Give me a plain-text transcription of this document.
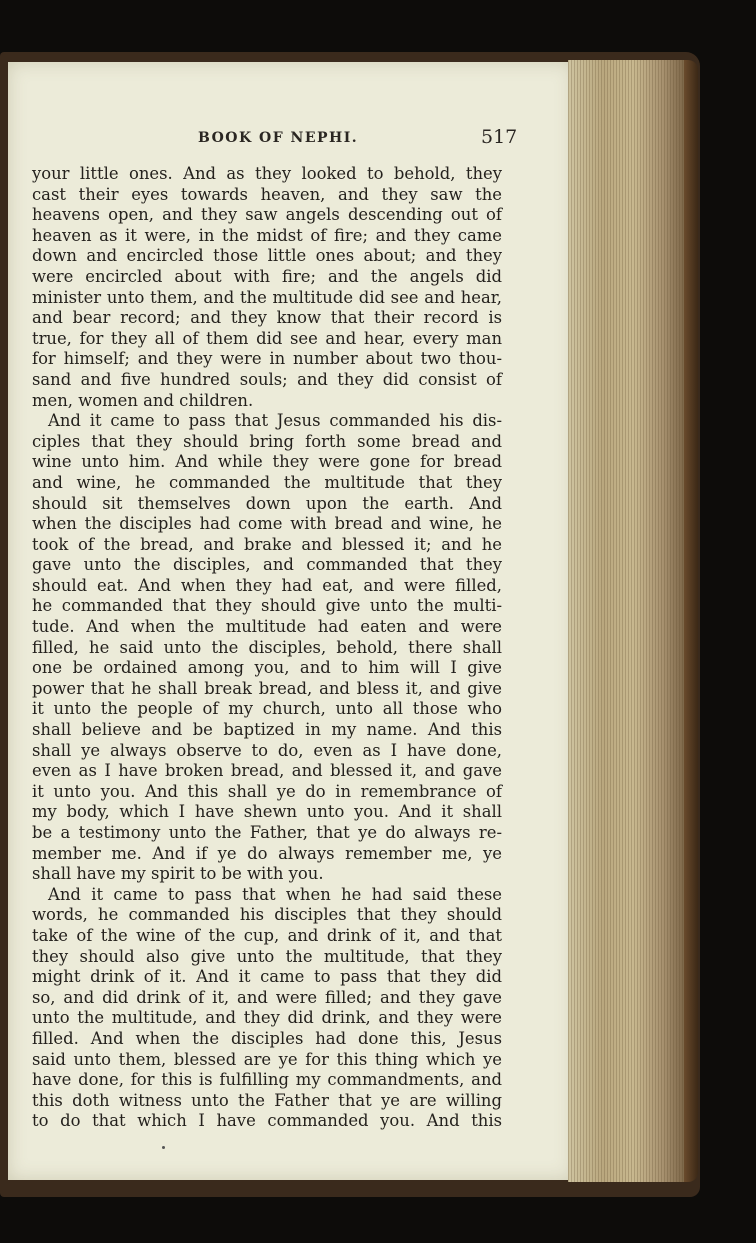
BOOK OF NEPHI.	517
your little ones. And as they looked to behold, they
cast their eyes towards heaven, and they saw the
heavens open, and they saw angels descending out of
heaven as it were, in the midst of fire; and they came
down and encircled those little ones about; and they
were encircled about with fire; and the angels did
minister unto them, and the multitude did see and hear,
and bear record; and they know that their record is
true, for they all of them did see and hear, every man
for himself; and they were in number about two thou-
sand and five hundred souls; and they did consist of
men, women and children.
And it came to pass that Jesus commanded his dis-
ciples that they should bring forth some bread and
wine unto him. And while they were gone for bread
and wine, he commanded the multitude that they
should sit themselves down upon the earth. And
when the disciples had come with bread and wine, he
took of the bread, and brake and blessed it; and he
gave unto the disciples, and commanded that they
should eat. And when they had eat, and were filled,
he commanded that they should give unto the multi-
tude. And when the multitude had eaten and were
filled, he said unto the disciples, behold, there shall
one be ordained among you, and to him will I give
power that he shall break bread, and bless it, and give
it unto the people of my church, unto all those who
shall believe and be baptized in my name. And this
shall ye always observe to do, even as I have done,
even as I have broken bread, and blessed it, and gave
it unto you. And this shall ye do in remembrance of
my body, which I have shewn unto you. And it shall
be a testimony unto the Father, that ye do always re-
member me. And if ye do always remember me, ye
shall have my spirit to be with you.
And it came to pass that when he had said these
words, he commanded his disciples that they should
take of the wine of the cup, and drink of it, and that
they should also give unto the multitude, that they
might drink of it. And it came to pass that they did
so, and did drink of it, and were filled; and they gave
unto the multitude, and they did drink, and they were
filled. And when the disciples had done this, Jesus
said unto them, blessed are ye for this thing which ye
have done, for this is fulfilling my commandments, and
this doth witness unto the Father that ye are willing
to do that which I have commanded you. And this
